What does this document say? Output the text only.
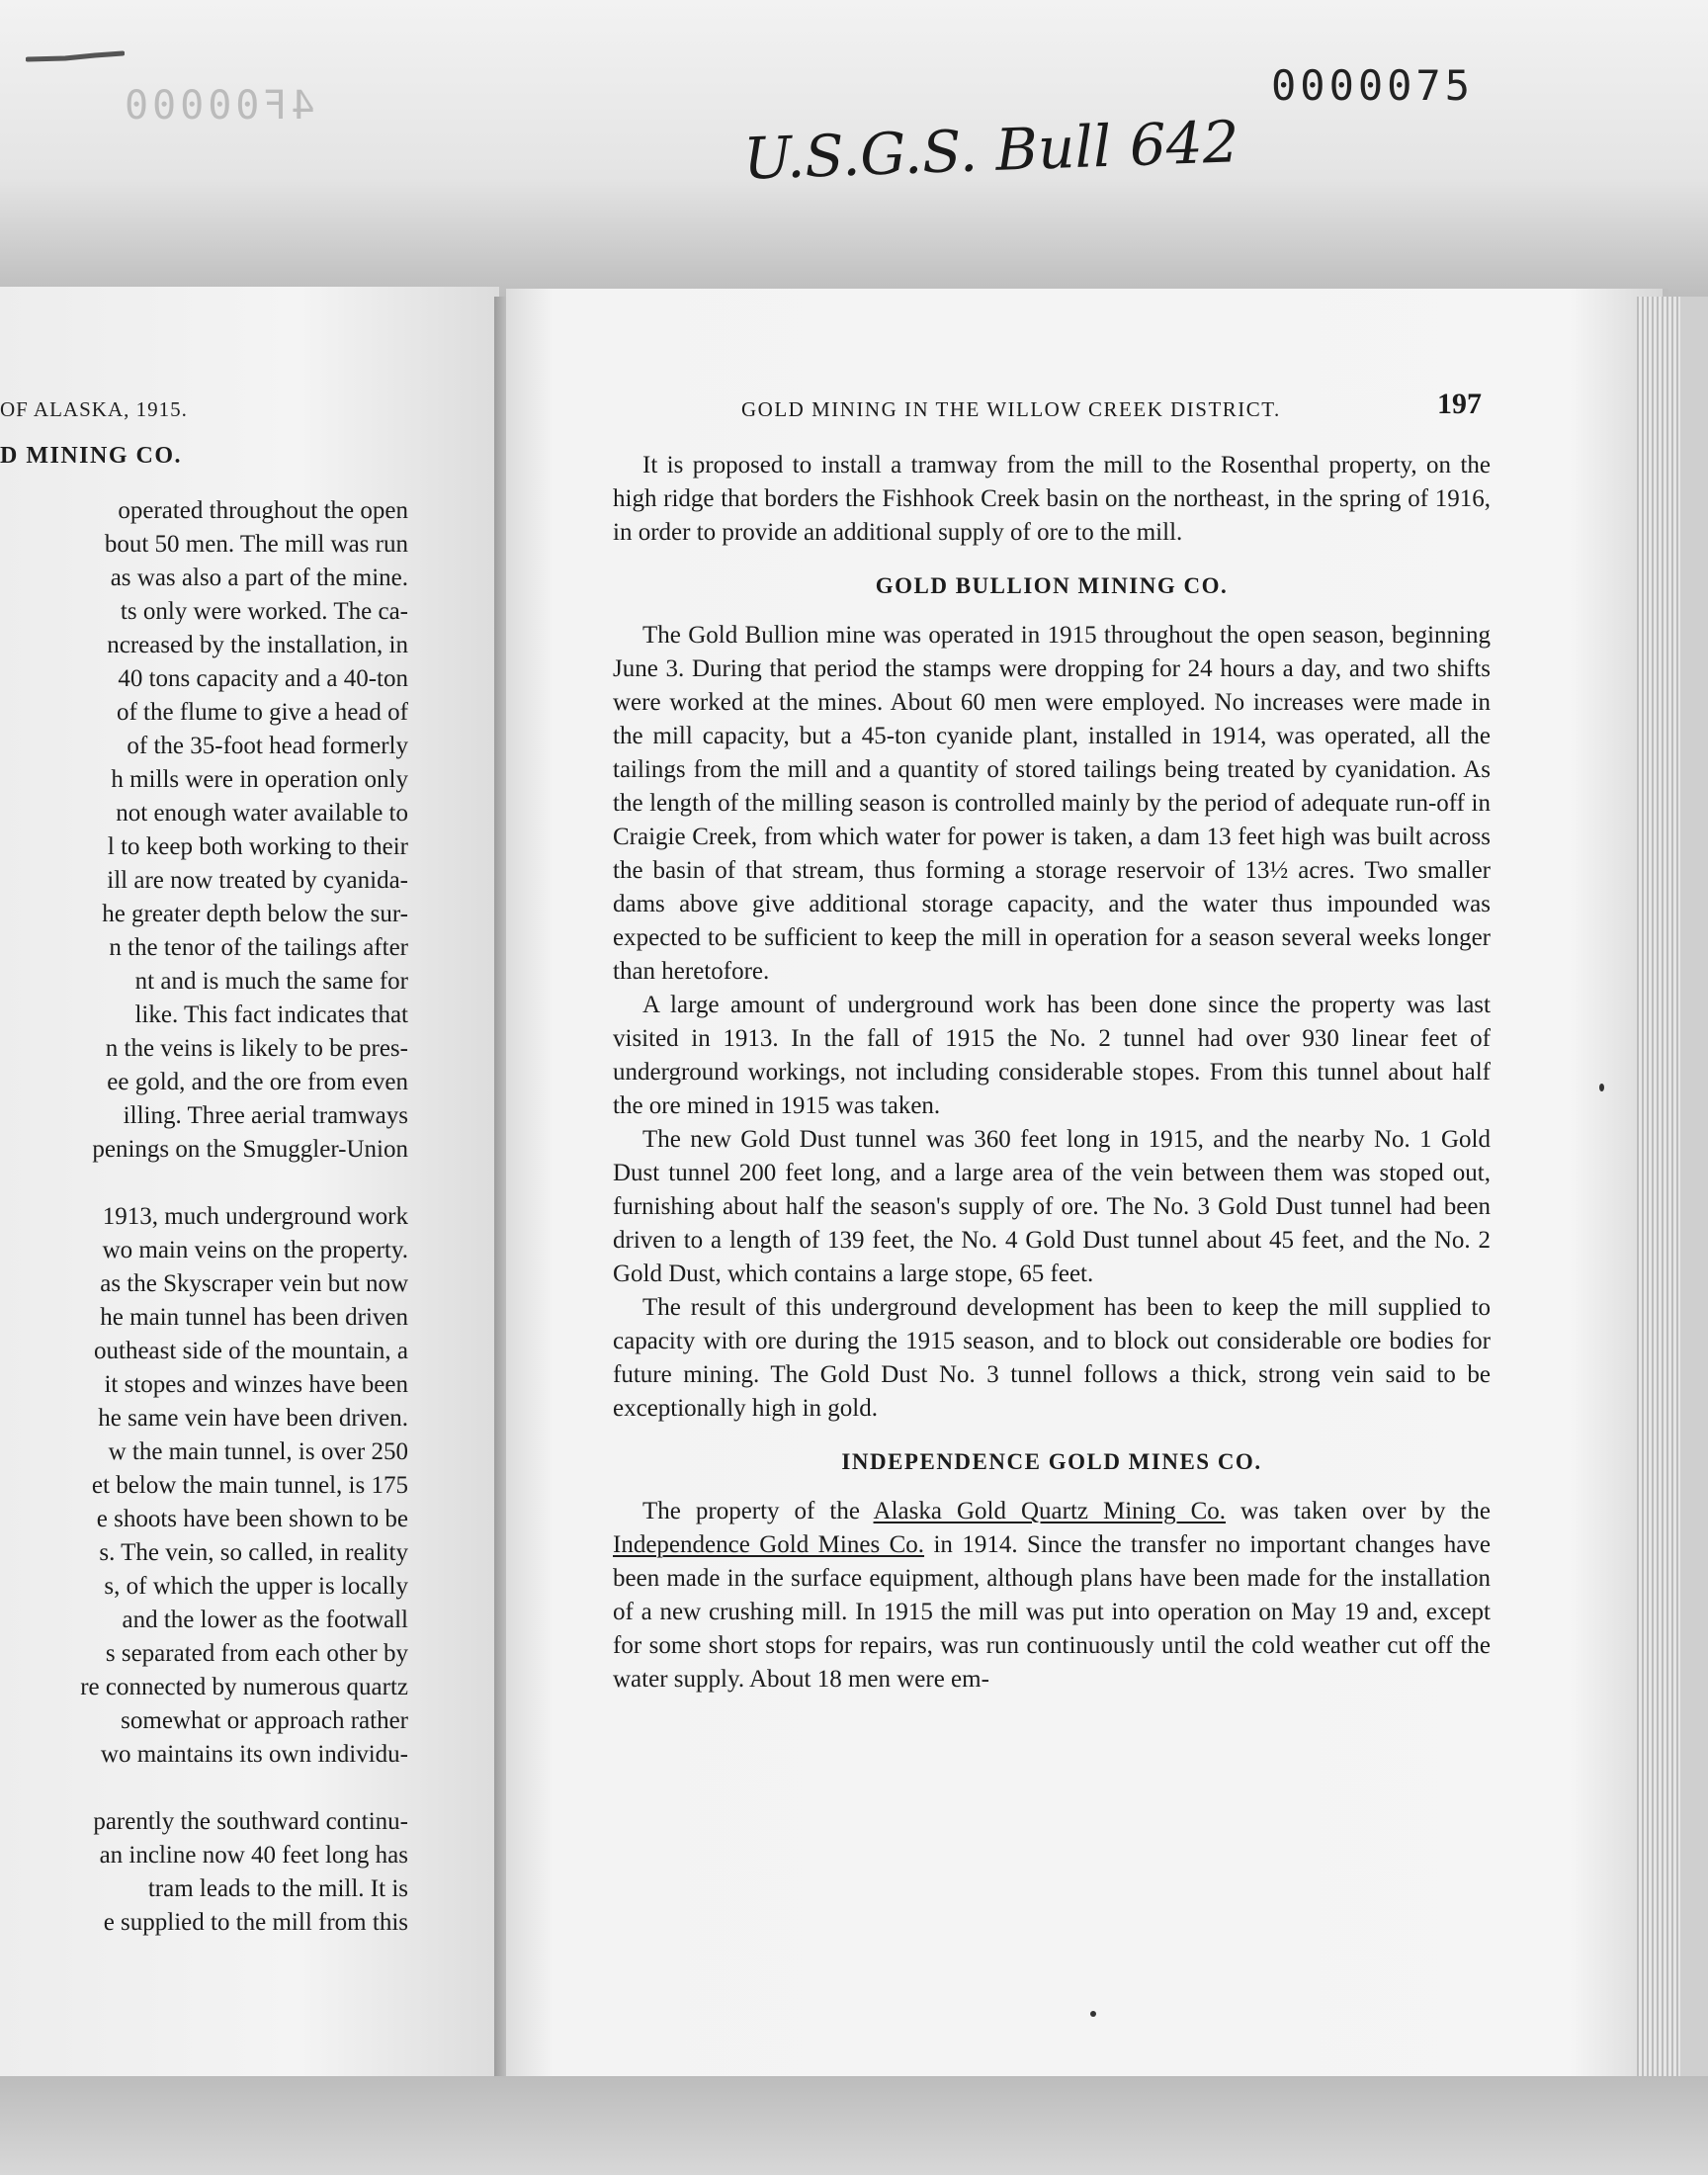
4F00000	0000075
U.S.G.S. Bull 642
OF ALASKA, 1915.
D MINING CO.
operated throughout the open
bout 50 men. The mill was run
as was also a part of the mine.
ts only were worked. The ca-
ncreased by the installation, in
40 tons capacity and a 40-ton
of the flume to give a head of
of the 35-foot head formerly
h mills were in operation only
not enough water available to
l to keep both working to their
ill are now treated by cyanida-
he greater depth below the sur-
n the tenor of the tailings after
nt and is much the same for
like. This fact indicates that
n the veins is likely to be pres-
ee gold, and the ore from even
illing. Three aerial tramways
penings on the Smuggler-Union
1913, much underground work
wo main veins on the property.
as the Skyscraper vein but now
he main tunnel has been driven
outheast side of the mountain, a
it stopes and winzes have been
he same vein have been driven.
w the main tunnel, is over 250
et below the main tunnel, is 175
e shoots have been shown to be
s. The vein, so called, in reality
s, of which the upper is locally
and the lower as the footwall
s separated from each other by
re connected by numerous quartz
somewhat or approach rather
wo maintains its own individu-
parently the southward continu-
an incline now 40 feet long has
tram leads to the mill. It is
e supplied to the mill from this
GOLD MINING IN THE WILLOW CREEK DISTRICT.	197

It is proposed to install a tramway from the mill to the Rosenthal property, on the high ridge that borders the Fishhook Creek basin on the northeast, in the spring of 1916, in order to provide an additional supply of ore to the mill.

GOLD BULLION MINING CO.

The Gold Bullion mine was operated in 1915 throughout the open season, beginning June 3. During that period the stamps were dropping for 24 hours a day, and two shifts were worked at the mines. About 60 men were employed. No increases were made in the mill capacity, but a 45-ton cyanide plant, installed in 1914, was operated, all the tailings from the mill and a quantity of stored tailings being treated by cyanidation. As the length of the milling season is controlled mainly by the period of adequate run-off in Craigie Creek, from which water for power is taken, a dam 13 feet high was built across the basin of that stream, thus forming a storage reservoir of 13½ acres. Two smaller dams above give additional storage capacity, and the water thus impounded was expected to be sufficient to keep the mill in operation for a season several weeks longer than heretofore.

A large amount of underground work has been done since the property was last visited in 1913. In the fall of 1915 the No. 2 tunnel had over 930 linear feet of underground workings, not including considerable stopes. From this tunnel about half the ore mined in 1915 was taken.

The new Gold Dust tunnel was 360 feet long in 1915, and the nearby No. 1 Gold Dust tunnel 200 feet long, and a large area of the vein between them was stoped out, furnishing about half the season's supply of ore. The No. 3 Gold Dust tunnel had been driven to a length of 139 feet, the No. 4 Gold Dust tunnel about 45 feet, and the No. 2 Gold Dust, which contains a large stope, 65 feet.

The result of this underground development has been to keep the mill supplied to capacity with ore during the 1915 season, and to block out considerable ore bodies for future mining. The Gold Dust No. 3 tunnel follows a thick, strong vein said to be exceptionally high in gold.

INDEPENDENCE GOLD MINES CO.

The property of the Alaska Gold Quartz Mining Co. was taken over by the Independence Gold Mines Co. in 1914. Since the transfer no important changes have been made in the surface equipment, although plans have been made for the installation of a new crushing mill. In 1915 the mill was put into operation on May 19 and, except for some short stops for repairs, was run continuously until the cold weather cut off the water supply. About 18 men were em-
